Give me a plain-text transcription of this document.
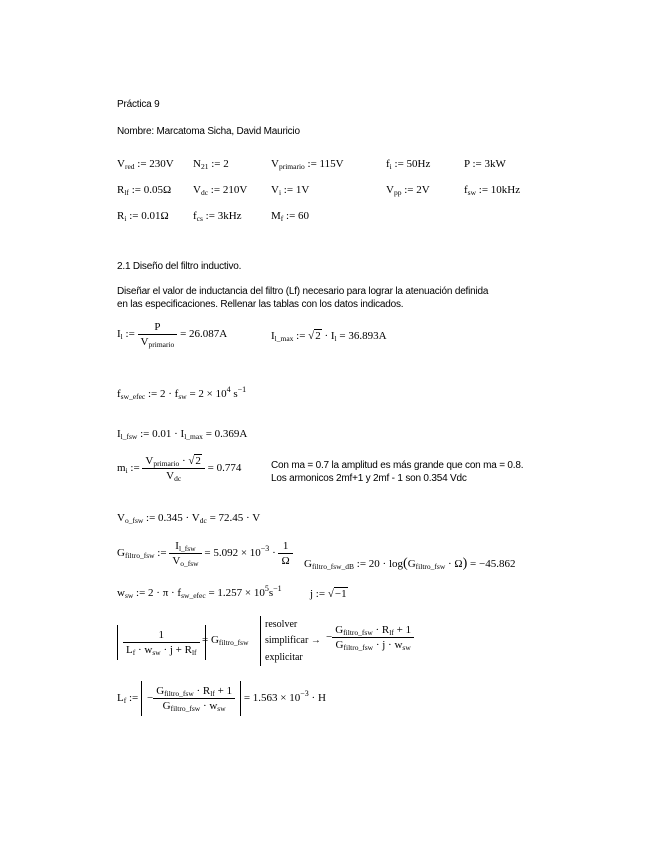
Práctica 9
Nombre: Marcatoma Sicha, David Mauricio
$V_{red}$ := 230V $N_{21}$ := 2	$V_{primario}$ := 115V	$f_i$ := 50Hz	P := 3kW
$R_{lf}$ := 0.05Ω $V_{dc}$ := 210V $V_i$ := 1V	$V_{pp}$ := 2V	$f_{sw}$ := 10kHz
$R_i$ := 0.01Ω $f_{cs}$ := 3kHz	$M_f$ := 60
2.1 Diseño del filtro inductivo.
Diseñar el valor de inductancia del filtro (Lf) necesario para lograr la atenuación definida
en las especificaciones. Rellenar las tablas con los datos indicados.
$I_l$ := $\frac{P}{V_{primario}} = 26.087A$	$I_{l\_max}$ := $√2 \cdot I_l = 36.893A$
$f_{sw\_efec}$ := $2 \cdot f_{sw} = 2 \times 10^4$ $s^{-1}$
$I_{l\_fsw}$ := $0.01 \cdot I_{l\_max} = 0.369A$
$m_i$ := $\frac{V_{primario} \cdot √2}{V_{dc}} = 0.774$	Con ma = 0.7 la amplitud es más grande que con ma = 0.8.
Los armonicos 2mf+1 y 2mf - 1 son 0.354 Vdc
$V_{o\_fsw}$ := $0.345 \cdot V_{dc} = 72.45 \cdot V$
$G_{filtro\_fsw}$ := $\frac{I_{l\_fsw}}{V_{o\_fsw}} = 5.092 \times 10^{-3} \cdot \frac{1}{\Omega} G_{filtro\_fsw\_dB}$ := $20 \cdot \log(G_{filtro\_fsw} \cdot \Omega) = -45.862$
$w_{sw}$ := $2 \cdot \pi \cdot f_{sw\_efec} = 1.257 \times 10^5s^{-1}$	j := √−1
$\frac{1}{L_f \cdot w_{sw} \cdot j + R_{lf}} = G_{filtro\_fsw}$
resolver
simplificar →
explicitar
− $\frac{G_{filtro\_fsw} \cdot R_{lf} + 1}{G_{filtro\_fsw} \cdot j \cdot w_{sw}}$
$L_f$ := − $\frac{G_{filtro\_fsw} \cdot R_{lf} + 1}{G_{filtro\_fsw} \cdot w_{sw}} = 1.563 \times 10^{-3} \cdot H$
